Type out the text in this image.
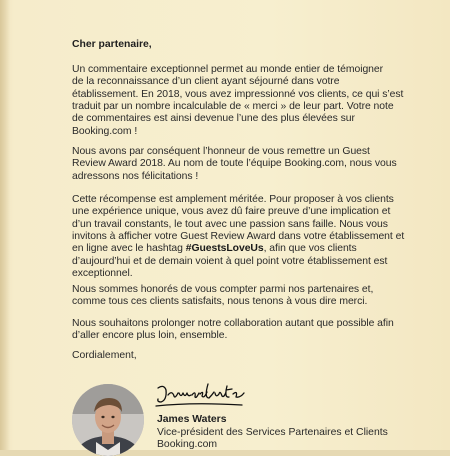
Cher partenaire,
Un commentaire exceptionnel permet au monde entier de témoigner
de la reconnaissance d’un client ayant séjourné dans votre
établissement. En 2018, vous avez impressionné vos clients, ce qui s’est
traduit par un nombre incalculable de « merci » de leur part. Votre note
de commentaires est ainsi devenue l’une des plus élevées sur
Booking.com !
Nous avons par conséquent l’honneur de vous remettre un Guest
Review Award 2018. Au nom de toute l’équipe Booking.com, nous vous
adressons nos félicitations !
Cette récompense est amplement méritée. Pour proposer à vos clients
une expérience unique, vous avez dû faire preuve d’une implication et
d’un travail constants, le tout avec une passion sans faille. Nous vous
invitons à afficher votre Guest Review Award dans votre établissement et
en ligne avec le hashtag #GuestsLoveUs, afin que vos clients
d’aujourd’hui et de demain voient à quel point votre établissement est
exceptionnel.
Nous sommes honorés de vous compter parmi nos partenaires et,
comme tous ces clients satisfaits, nous tenons à vous dire merci.
Nous souhaitons prolonger notre collaboration autant que possible afin
d’aller encore plus loin, ensemble.
Cordialement,
James Waters
Vice-président des Services Partenaires et Clients
Booking.com
